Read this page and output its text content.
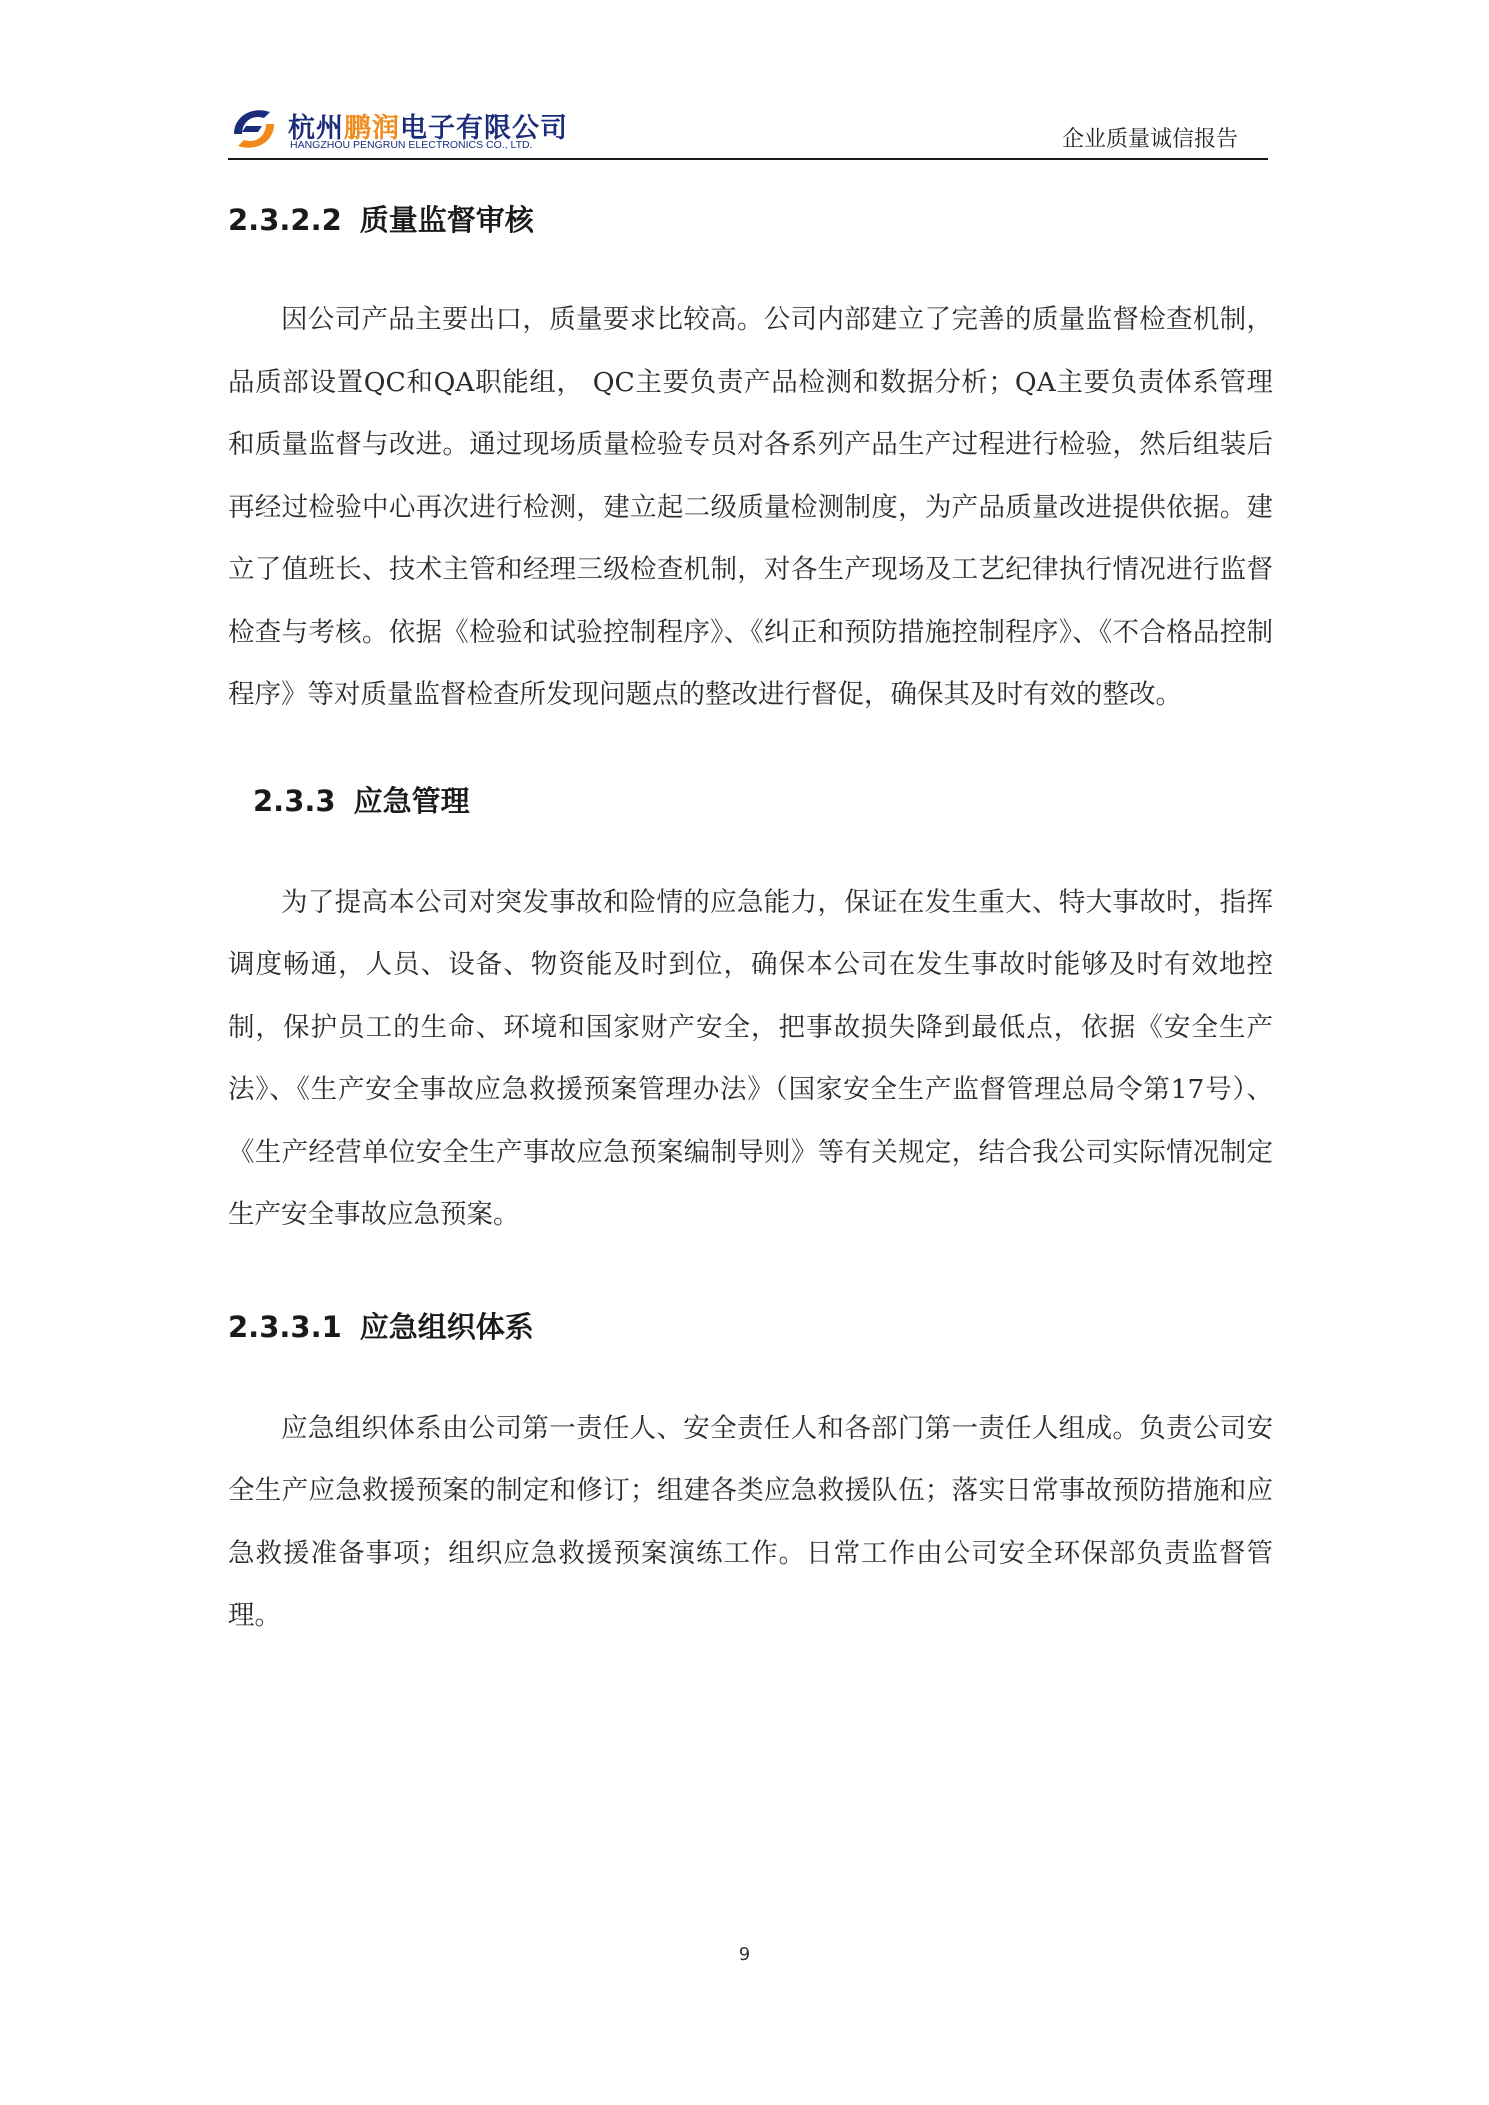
杭州鹏润电子有限公司
HANGZHOU PENGRUN ELECTRONICS CO., LTD.	企业质量诚信报告
2.3.2.2 质量监督审核

因公司产品主要出口，质量要求比较高。公司内部建立了完善的质量监督检查机制，品质部设置QC和QA职能组， QC主要负责产品检测和数据分析；QA主要负责体系管理和质量监督与改进。通过现场质量检验专员对各系列产品生产过程进行检验，然后组装后再经过检验中心再次进行检测，建立起二级质量检测制度，为产品质量改进提供依据。建立了值班长、技术主管和经理三级检查机制，对各生产现场及工艺纪律执行情况进行监督检查与考核。依据《检验和试验控制程序》、《纠正和预防措施控制程序》、《不合格品控制程序》等对质量监督检查所发现问题点的整改进行督促，确保其及时有效的整改。

2.3.3 应急管理

为了提高本公司对突发事故和险情的应急能力，保证在发生重大、特大事故时，指挥调度畅通，人员、设备、物资能及时到位，确保本公司在发生事故时能够及时有效地控制，保护员工的生命、环境和国家财产安全，把事故损失降到最低点，依据《安全生产法》、《生产安全事故应急救援预案管理办法》（国家安全生产监督管理总局令第17号）、《生产经营单位安全生产事故应急预案编制导则》等有关规定，结合我公司实际情况制定生产安全事故应急预案。

2.3.3.1 应急组织体系

应急组织体系由公司第一责任人、安全责任人和各部门第一责任人组成。负责公司安全生产应急救援预案的制定和修订；组建各类应急救援队伍；落实日常事故预防措施和应急救援准备事项；组织应急救援预案演练工作。日常工作由公司安全环保部负责监督管理。

9
